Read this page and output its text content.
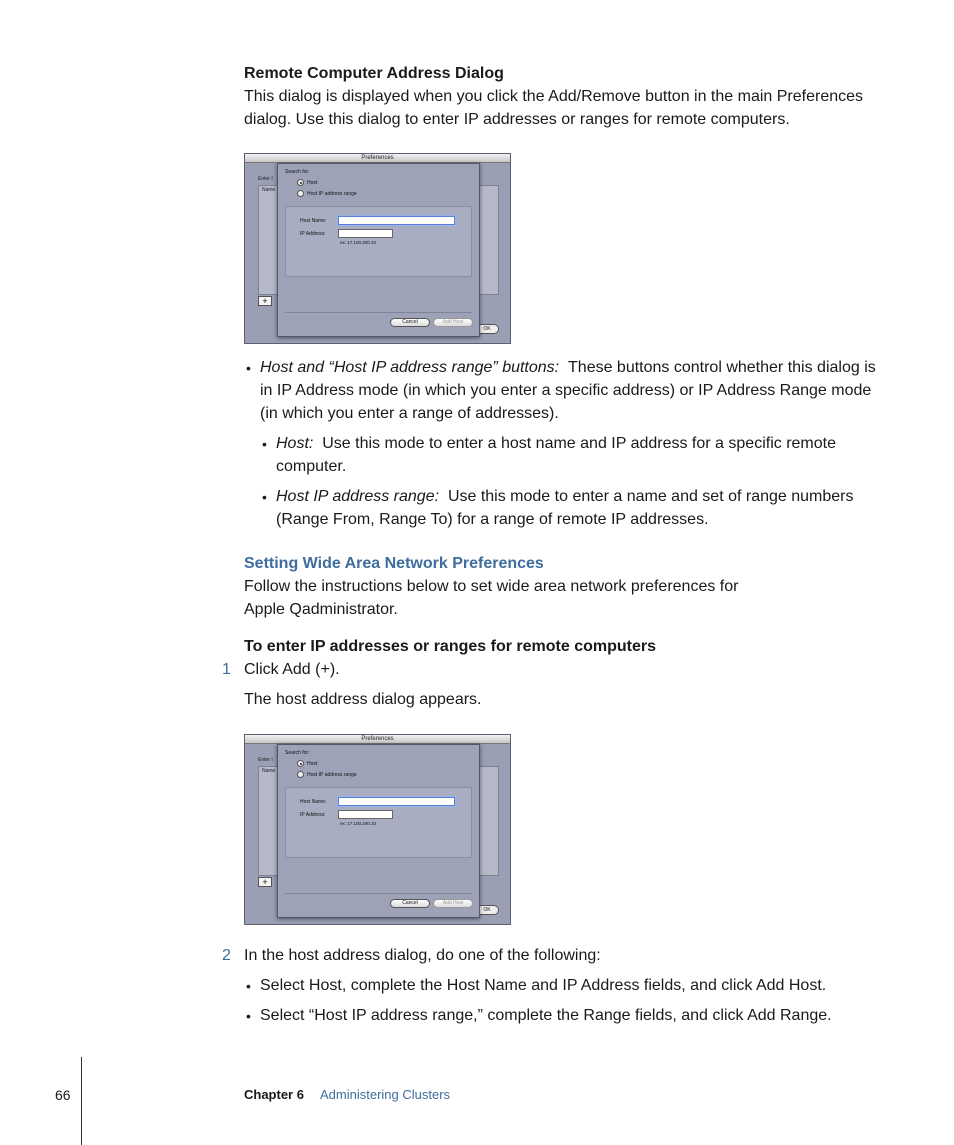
Remote Computer Address Dialog
This dialog is displayed when you click the Add/Remove button in the main Preferences
dialog. Use this dialog to enter IP addresses or ranges for remote computers.
Preferences
Enter I
Name
+
OK
Search for:
Host
Host IP address range
Host Name:
IP Address:
ex: 17.100.200.10
Cancel	Add Host
• Host and “Host IP address range” buttons: These buttons control whether this dialog is
in IP Address mode (in which you enter a specific address) or IP Address Range mode
(in which you enter a range of addresses).
• Host: Use this mode to enter a host name and IP address for a specific remote
computer.
• Host IP address range: Use this mode to enter a name and set of range numbers
(Range From, Range To) for a range of remote IP addresses.
Setting Wide Area Network Preferences
Follow the instructions below to set wide area network preferences for
Apple Qadministrator.
To enter IP addresses or ranges for remote computers
1 Click Add (+).
The host address dialog appears.
Preferences
Enter I
Name
+
OK
Search for:
Host
Host IP address range
Host Name:
IP Address:
ex: 17.100.200.10
Cancel	Add Host
2 In the host address dialog, do one of the following:
• Select Host, complete the Host Name and IP Address fields, and click Add Host.
• Select “Host IP address range,” complete the Range fields, and click Add Range.
66	Chapter 6 Administering Clusters
